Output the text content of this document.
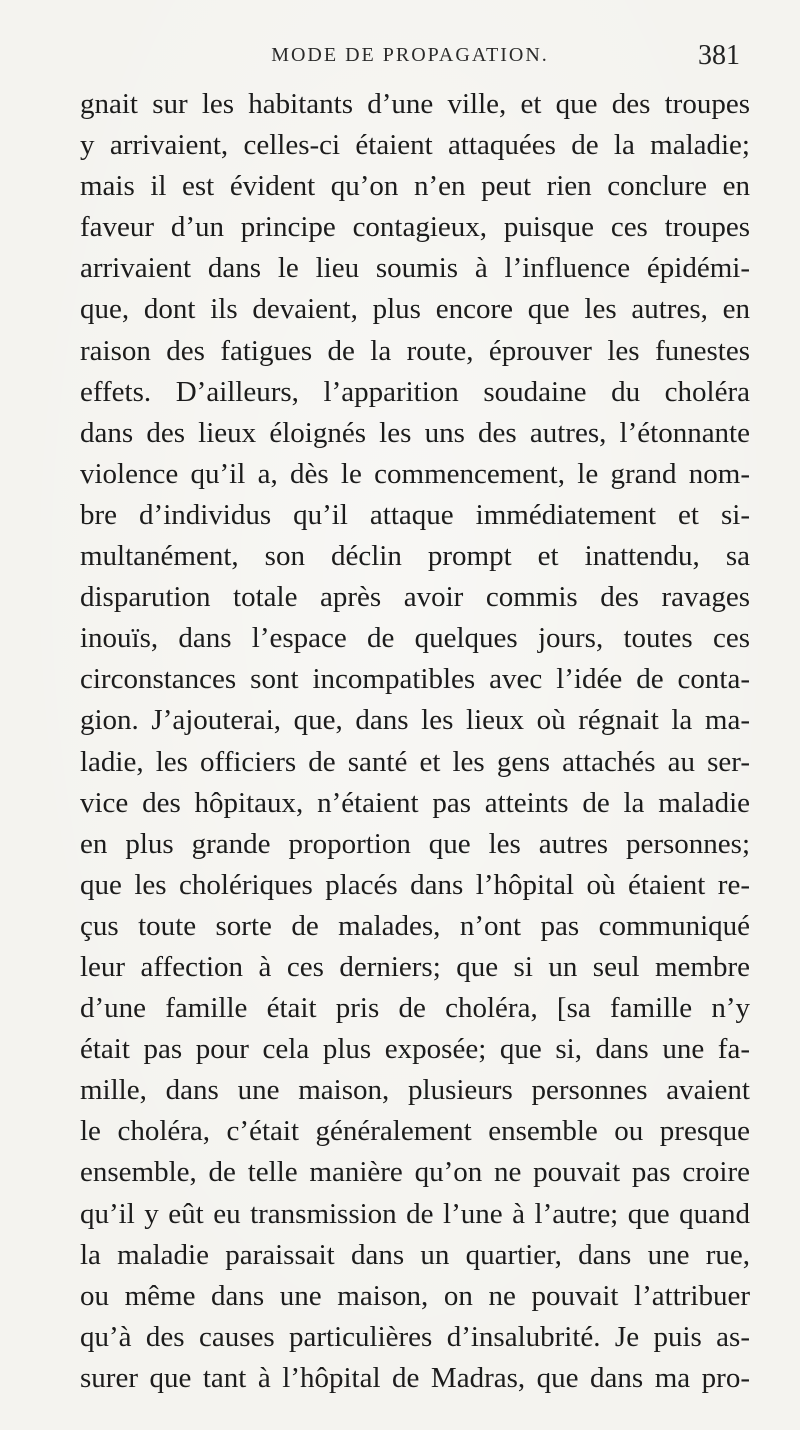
MODE DE PROPAGATION.	381
gnait sur les habitants d’une ville, et que des troupes
y arrivaient, celles-ci étaient attaquées de la maladie;
mais il est évident qu’on n’en peut rien conclure en
faveur d’un principe contagieux, puisque ces troupes
arrivaient dans le lieu soumis à l’influence épidémi-
que, dont ils devaient, plus encore que les autres, en
raison des fatigues de la route, éprouver les funestes
effets. D’ailleurs, l’apparition soudaine du choléra
dans des lieux éloignés les uns des autres, l’étonnante
violence qu’il a, dès le commencement, le grand nom-
bre d’individus qu’il attaque immédiatement et si-
multanément, son déclin prompt et inattendu, sa
disparution totale après avoir commis des ravages
inouïs, dans l’espace de quelques jours, toutes ces
circonstances sont incompatibles avec l’idée de conta-
gion. J’ajouterai, que, dans les lieux où régnait la ma-
ladie, les officiers de santé et les gens attachés au ser-
vice des hôpitaux, n’étaient pas atteints de la maladie
en plus grande proportion que les autres personnes;
que les cholériques placés dans l’hôpital où étaient re-
çus toute sorte de malades, n’ont pas communiqué
leur affection à ces derniers; que si un seul membre
d’une famille était pris de choléra, [sa famille n’y
était pas pour cela plus exposée; que si, dans une fa-
mille, dans une maison, plusieurs personnes avaient
le choléra, c’était généralement ensemble ou presque
ensemble, de telle manière qu’on ne pouvait pas croire
qu’il y eût eu transmission de l’une à l’autre; que quand
la maladie paraissait dans un quartier, dans une rue,
ou même dans une maison, on ne pouvait l’attribuer
qu’à des causes particulières d’insalubrité. Je puis as-
surer que tant à l’hôpital de Madras, que dans ma pro-
